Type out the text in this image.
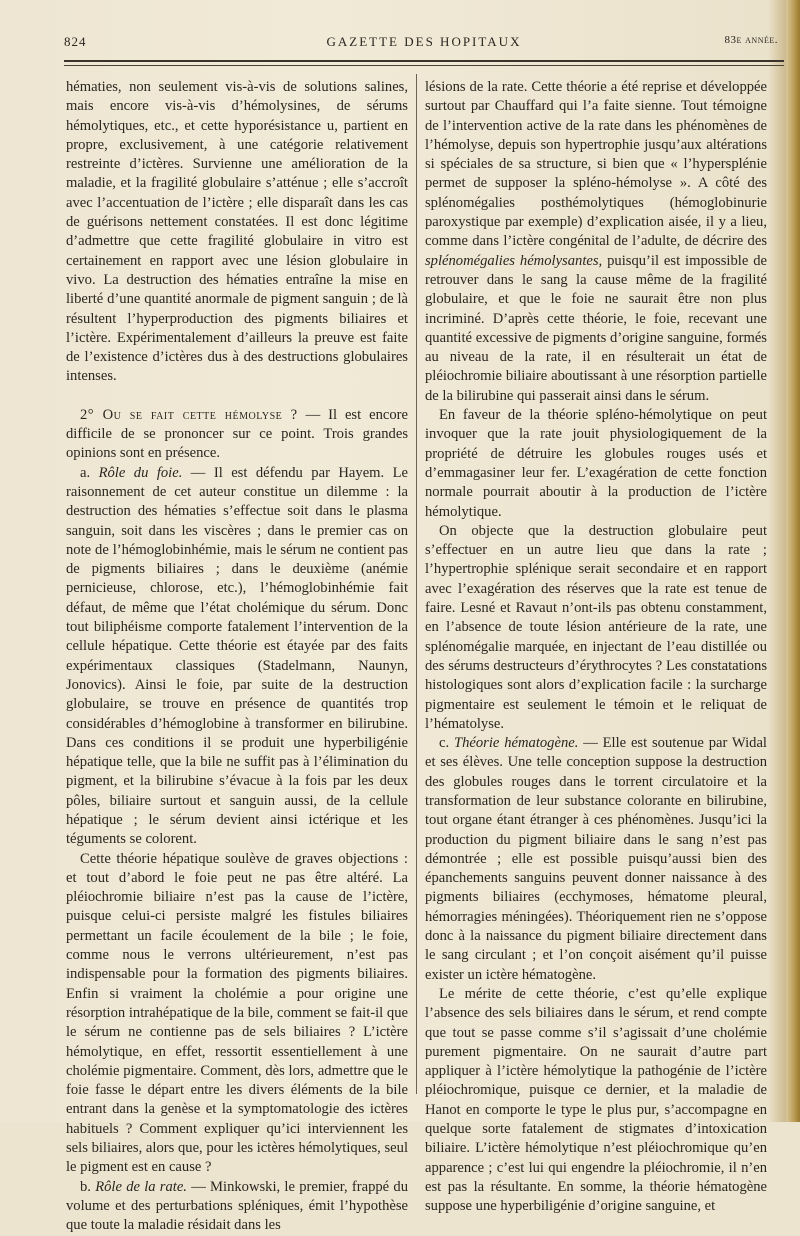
824	GAZETTE DES HOPITAUX	83e année.

hématies, non seulement vis-à-vis de solutions salines, mais encore vis-à-vis d’hémolysines, de sérums hémolytiques, etc., et cette hyporésistance u, partient en propre, exclusivement, à une catégorie relativement restreinte d’ictères. Survienne une amélioration de la maladie, et la fragilité globulaire s’atténue ; elle s’accroît avec l’accentuation de l’ictère ; elle disparaît dans les cas de guérisons nettement constatées. Il est donc légitime d’admettre que cette fragilité globulaire in vitro est certainement en rapport avec une lésion globulaire in vivo. La destruction des hématies entraîne la mise en liberté d’une quantité anormale de pigment sanguin ; de là résultent l’hyperproduction des pigments biliaires et l’ictère. Expérimentalement d’ailleurs la preuve est faite de l’existence d’ictères dus à des destructions globulaires intenses.

2° Ou se fait cette hémolyse ? — Il est encore difficile de se prononcer sur ce point. Trois grandes opinions sont en présence.

a. Rôle du foie. — Il est défendu par Hayem. Le raisonnement de cet auteur constitue un dilemme : la destruction des hématies s’effectue soit dans le plasma sanguin, soit dans les viscères ; dans le premier cas on note de l’hémoglobinhémie, mais le sérum ne contient pas de pigments biliaires ; dans le deuxième (anémie pernicieuse, chlorose, etc.), l’hémoglobinhémie fait défaut, de même que l’état cholémique du sérum. Donc tout biliphéisme comporte fatalement l’intervention de la cellule hépatique. Cette théorie est étayée par des faits expérimentaux classiques (Stadelmann, Naunyn, Jonovics). Ainsi le foie, par suite de la destruction globulaire, se trouve en présence de quantités trop considérables d’hémoglobine à transformer en bilirubine. Dans ces conditions il se produit une hyperbiligénie hépatique telle, que la bile ne suffit pas à l’élimination du pigment, et la bilirubine s’évacue à la fois par les deux pôles, biliaire surtout et sanguin aussi, de la cellule hépatique ; le sérum devient ainsi ictérique et les téguments se colorent.

Cette théorie hépatique soulève de graves objections : et tout d’abord le foie peut ne pas être altéré. La pléiochromie biliaire n’est pas la cause de l’ictère, puisque celui-ci persiste malgré les fistules biliaires permettant un facile écoulement de la bile ; le foie, comme nous le verrons ultérieurement, n’est pas indispensable pour la formation des pigments biliaires. Enfin si vraiment la cholémie a pour origine une résorption intrahépatique de la bile, comment se fait-il que le sérum ne contienne pas de sels biliaires ? L’ictère hémolytique, en effet, ressortit essentiellement à une cholémie pigmentaire. Comment, dès lors, admettre que le foie fasse le départ entre les divers éléments de la bile entrant dans la genèse et la symptomatologie des ictères habituels ? Comment expliquer qu’ici interviennent les sels biliaires, alors que, pour les ictères hémolytiques, seul le pigment est en cause ?

b. Rôle de la rate. — Minkowski, le premier, frappé du volume et des perturbations spléniques, émit l’hypothèse que toute la maladie résidait dans les

lésions de la rate. Cette théorie a été reprise et développée surtout par Chauffard qui l’a faite sienne. Tout témoigne de l’intervention active de la rate dans les phénomènes de l’hémolyse, depuis son hypertrophie jusqu’aux altérations si spéciales de sa structure, si bien que « l’hypersplénie permet de supposer la spléno-hémolyse ». A côté des splénomégalies posthémolytiques (hémoglobinurie paroxystique par exemple) d’explication aisée, il y a lieu, comme dans l’ictère congénital de l’adulte, de décrire des splénomégalies hémolysantes, puisqu’il est impossible de retrouver dans le sang la cause même de la fragilité globulaire, et que le foie ne saurait être non plus incriminé. D’après cette théorie, le foie, recevant une quantité excessive de pigments d’origine sanguine, formés au niveau de la rate, il en résulterait un état de pléiochromie biliaire aboutissant à une résorption partielle de la bilirubine qui passerait ainsi dans le sérum.

En faveur de la théorie spléno-hémolytique on peut invoquer que la rate jouit physiologiquement de la propriété de détruire les globules rouges usés et d’emmagasiner leur fer. L’exagération de cette fonction normale pourrait aboutir à la production de l’ictère hémolytique.

On objecte que la destruction globulaire peut s’effectuer en un autre lieu que dans la rate ; l’hypertrophie splénique serait secondaire et en rapport avec l’exagération des réserves que la rate est tenue de faire. Lesné et Ravaut n’ont-ils pas obtenu constamment, en l’absence de toute lésion antérieure de la rate, une splénomégalie marquée, en injectant de l’eau distillée ou des sérums destructeurs d’érythrocytes ? Les constatations histologiques sont alors d’explication facile : la surcharge pigmentaire est seulement le témoin et le reliquat de l’hématolyse.

c. Théorie hématogène. — Elle est soutenue par Widal et ses élèves. Une telle conception suppose la destruction des globules rouges dans le torrent circulatoire et la transformation de leur substance colorante en bilirubine, tout organe étant étranger à ces phénomènes. Jusqu’ici la production du pigment biliaire dans le sang n’est pas démontrée ; elle est possible puisqu’aussi bien des épanchements sanguins peuvent donner naissance à des pigments biliaires (ecchymoses, hématome pleural, hémorragies méningées). Théoriquement rien ne s’oppose donc à la naissance du pigment biliaire directement dans le sang circulant ; et l’on conçoit aisément qu’il puisse exister un ictère hématogène.

Le mérite de cette théorie, c’est qu’elle explique l’absence des sels biliaires dans le sérum, et rend compte que tout se passe comme s’il s’agissait d’une cholémie purement pigmentaire. On ne saurait d’autre part appliquer à l’ictère hémolytique la pathogénie de l’ictère pléiochromique, puisque ce dernier, et la maladie de Hanot en comporte le type le plus pur, s’accompagne en quelque sorte fatalement de stigmates d’intoxication biliaire. L’ictère hémolytique n’est pléiochromique qu’en apparence ; c’est lui qui engendre la pléiochromie, il n’en est pas la résultante. En somme, la théorie hématogène suppose une hyperbiligénie d’origine sanguine, et
